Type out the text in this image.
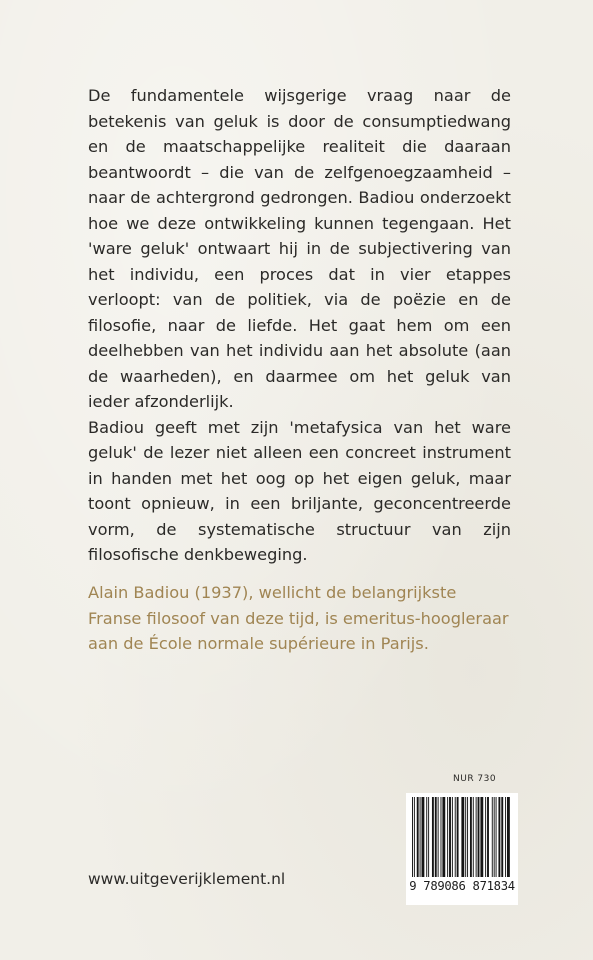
De fundamentele wijsgerige vraag naar de betekenis van geluk is door de consumptiedwang en de maatschappelijke realiteit die daaraan beantwoordt – die van de zelfgenoegzaamheid – naar de achtergrond gedrongen. Badiou onderzoekt hoe we deze ontwikkeling kunnen tegengaan. Het 'ware geluk' ontwaart hij in de subjectivering van het individu, een proces dat in vier etappes verloopt: van de politiek, via de poëzie en de filosofie, naar de liefde. Het gaat hem om een deelhebben van het individu aan het absolute (aan de waarheden), en daarmee om het geluk van ieder afzonderlijk.

Badiou geeft met zijn 'metafysica van het ware geluk' de lezer niet alleen een concreet instrument in handen met het oog op het eigen geluk, maar toont opnieuw, in een briljante, geconcentreerde vorm, de systematische structuur van zijn filosofische denkbeweging.

Alain Badiou (1937), wellicht de belangrijkste Franse filosoof van deze tijd, is emeritus-hoogleraar aan de École normale supérieure in Parijs.

NUR 730
9 789086 871834
www.uitgeverijklement.nl
